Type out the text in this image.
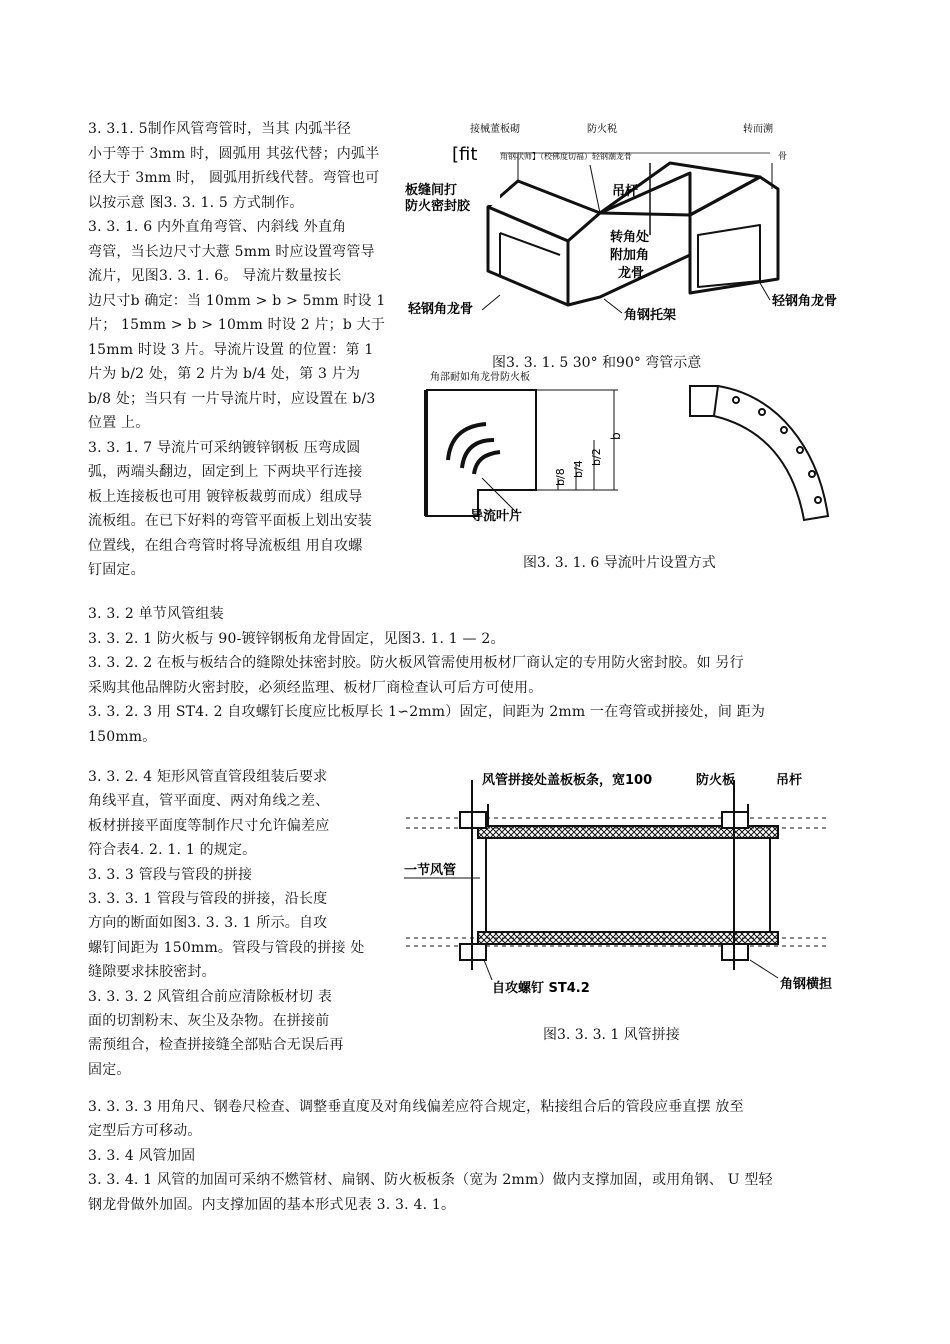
3. 3.1. 5制作风管弯管时，当其 内弧半径

小于等于 3mm 时，圆弧用 其弦代替；内弧半

径大于 3mm 时， 圆弧用折线代替。弯管也可

以按示意 图3. 3. 1. 5 方式制作。

3. 3. 1. 6 内外直角弯管、内斜线 外直角

弯管，当长边尺寸大薏 5mm 时应设置弯管导

流片，见图3. 3. 1. 6。 导流片数量按长

边尺寸b 确定：当 10mm > b > 5mm 时设 1

片； 15mm > b > 10mm 时设 2 片；b 大于

15mm 时设 3 片。导流片设置 的位置：第 1

片为 b/2 处，第 2 片为 b/4 处，第 3 片为

b/8 处；当只有 一片导流片时，应设置在 b/3

位置 上。

3. 3. 1. 7 导流片可采纳镀锌钢板 压弯成圆

弧，两端头翻边，固定到上 下两块平行连接

板上连接板也可用 镀锌板裁剪而成）组成导

流板组。在已下好料的弯管平面板上划出安装

位置线，在组合弯管时将导流板组 用自攻螺

钉固定。

3. 3. 2 单节风管组装

3. 3. 2. 1 防火板与 90-镀锌钢板角龙骨固定，见图3. 1. 1 — 2。

3. 3. 2. 2 在板与板结合的缝隙处抹密封胶。防火板风管需使用板材厂商认定的专用防火密封胶。如 另行

采购其他品牌防火密封胶，必须经监理、板材厂商检查认可后方可使用。

3. 3. 2. 3 用 ST4. 2 自攻螺钉长度应比板厚长 1∽2mm）固定，间距为 2mm 一在弯管或拼接处，间 距为

150mm。

3. 3. 2. 4 矩形风管直管段组装后要求

角线平直，管平面度、两对角线之差、

板材拼接平面度等制作尺寸允许偏差应

符合表4. 2. 1. 1 的规定。

3. 3. 3 管段与管段的拼接

3. 3. 3. 1 管段与管段的拼接，沿长度

方向的断面如图3. 3. 3. 1 所示。自攻

螺钉间距为 150mm。管段与管段的拼接 处

缝隙要求抹胶密封。

3. 3. 3. 2 风管组合前应清除板材切 表

面的切割粉末、灰尘及杂物。在拼接前

需预组合，检查拼接缝全部贴合无误后再

固定。

3. 3. 3. 3 用角尺、钢卷尺检查、调整垂直度及对角线偏差应符合规定，粘接组合后的管段应垂直摆 放至

定型后方可移动。

3. 3. 4 风管加固

3. 3. 4. 1 风管的加固可采纳不燃管材、扁钢、防火板板条（宽为 2mm）做内支撑加固，或用角钢、 U 型轻

钢龙骨做外加固。内支撑加固的基本形式见表 3. 3. 4. 1。

板缝间打
防火密封胶
接械董板砌	防火税	转而溯
[fit	角钢状师】（校佛度切福）轻钢潮龙骨	骨
吊杆
转角处
附加角
龙骨
轻钢角龙骨
轻钢角龙骨
角钢托架
图3. 3. 1. 5 30° 和90° 弯管示意
角部耐如角龙骨防火板
b
b/2
b/4
b/8
导流叶片
图3. 3. 1. 6 导流叶片设置方式
风管拼接处盖板板条，宽100	防火板	吊杆
一节风管
自攻螺钉 ST4.2	角钢横担
图3. 3. 3. 1 风管拼接
